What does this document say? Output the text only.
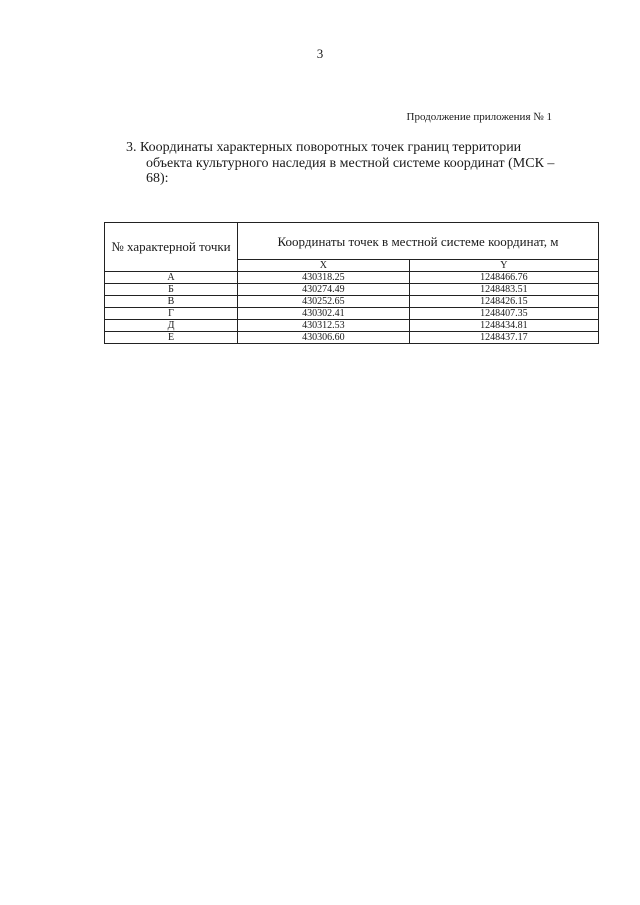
3
Продолжение приложения № 1
3. Координаты характерных поворотных точек границ территории
объекта культурного наследия в местной системе координат (МСК –
68):
№ характерной точки	Координаты точек в местной системе координат, м	
	X	Y
А	430318.25	1248466.76
Б	430274.49	1248483.51
В	430252.65	1248426.15
Г	430302.41	1248407.35
Д	430312.53	1248434.81
Е	430306.60	1248437.17
